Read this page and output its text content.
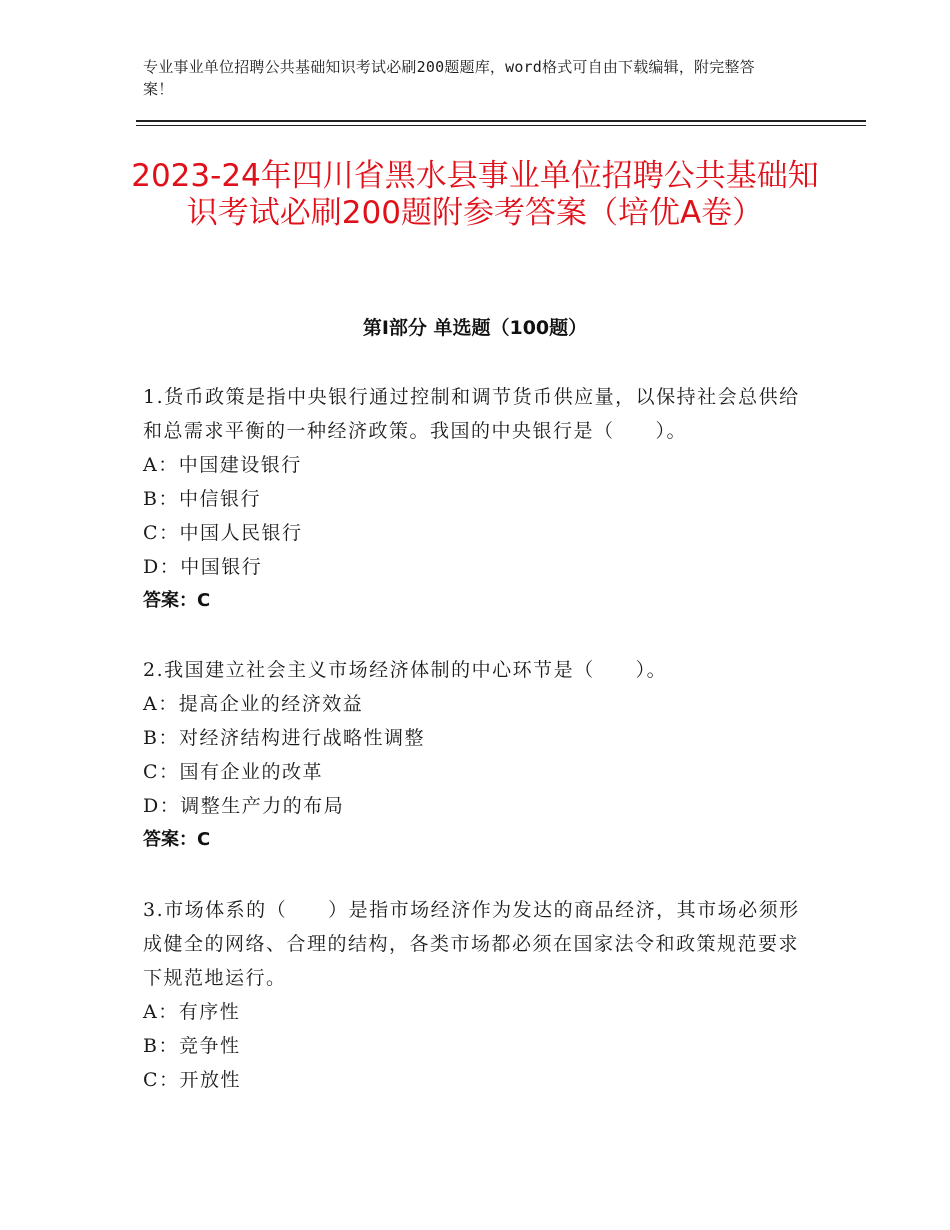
专业事业单位招聘公共基础知识考试必刷200题题库，word格式可自由下载编辑，附完整答案！
2023-24年四川省黑水县事业单位招聘公共基础知识考试必刷200题附参考答案（培优A卷）
第Ⅰ部分 单选题（100题）

1.货币政策是指中央银行通过控制和调节货币供应量，以保持社会总供给和总需求平衡的一种经济政策。我国的中央银行是（　　）。

A：中国建设银行

B：中信银行

C：中国人民银行

D：中国银行

答案：C

2.我国建立社会主义市场经济体制的中心环节是（　　）。

A：提高企业的经济效益

B：对经济结构进行战略性调整

C：国有企业的改革

D：调整生产力的布局

答案：C

3.市场体系的（　　）是指市场经济作为发达的商品经济，其市场必须形成健全的网络、合理的结构，各类市场都必须在国家法令和政策规范要求下规范地运行。

A：有序性

B：竞争性

C：开放性
